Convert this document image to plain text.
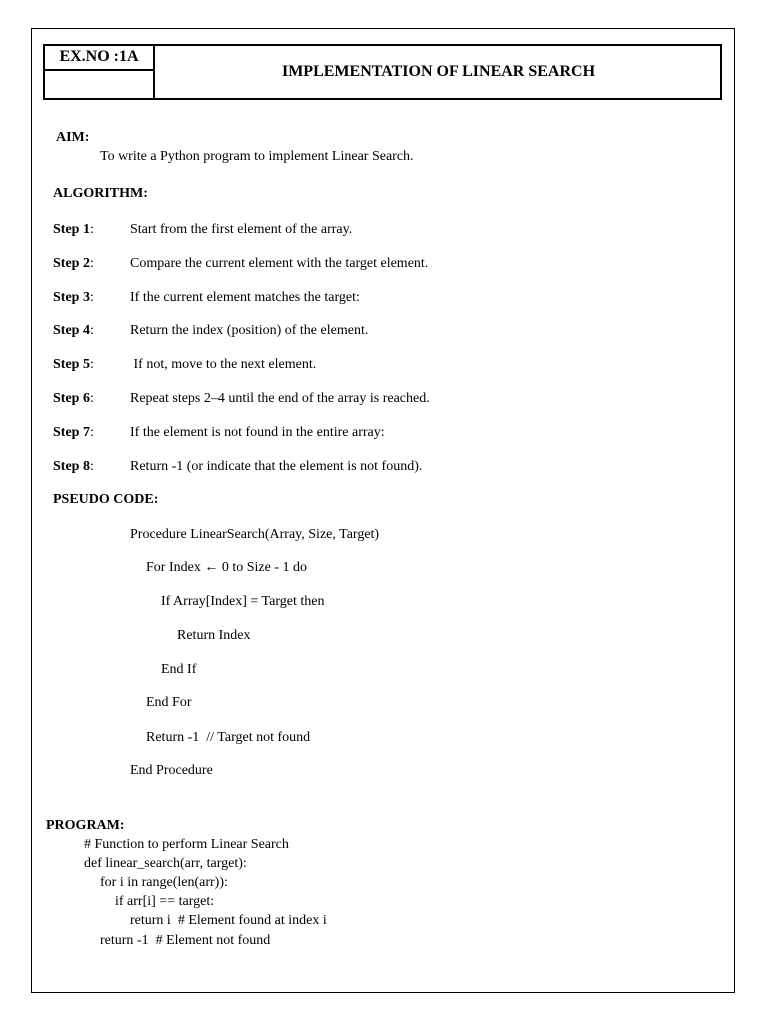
EX.NO :1A
IMPLEMENTATION OF LINEAR SEARCH
AIM:
To write a Python program to implement Linear Search.
ALGORITHM:
Step 1:	Start from the first element of the array.
Step 2:	Compare the current element with the target element.
Step 3:	If the current element matches the target:
Step 4:	Return the index (position) of the element.
Step 5:	If not, move to the next element.
Step 6:	Repeat steps 2–4 until the end of the array is reached.
Step 7:	If the element is not found in the entire array:
Step 8:	Return -1 (or indicate that the element is not found).
PSEUDO CODE:
Procedure LinearSearch(Array, Size, Target)
For Index ← 0 to Size - 1 do
If Array[Index] = Target then
Return Index
End If
End For
Return -1  // Target not found
End Procedure
PROGRAM:
# Function to perform Linear Search
def linear_search(arr, target):
for i in range(len(arr)):
if arr[i] == target:
return i  # Element found at index i
return -1  # Element not found
